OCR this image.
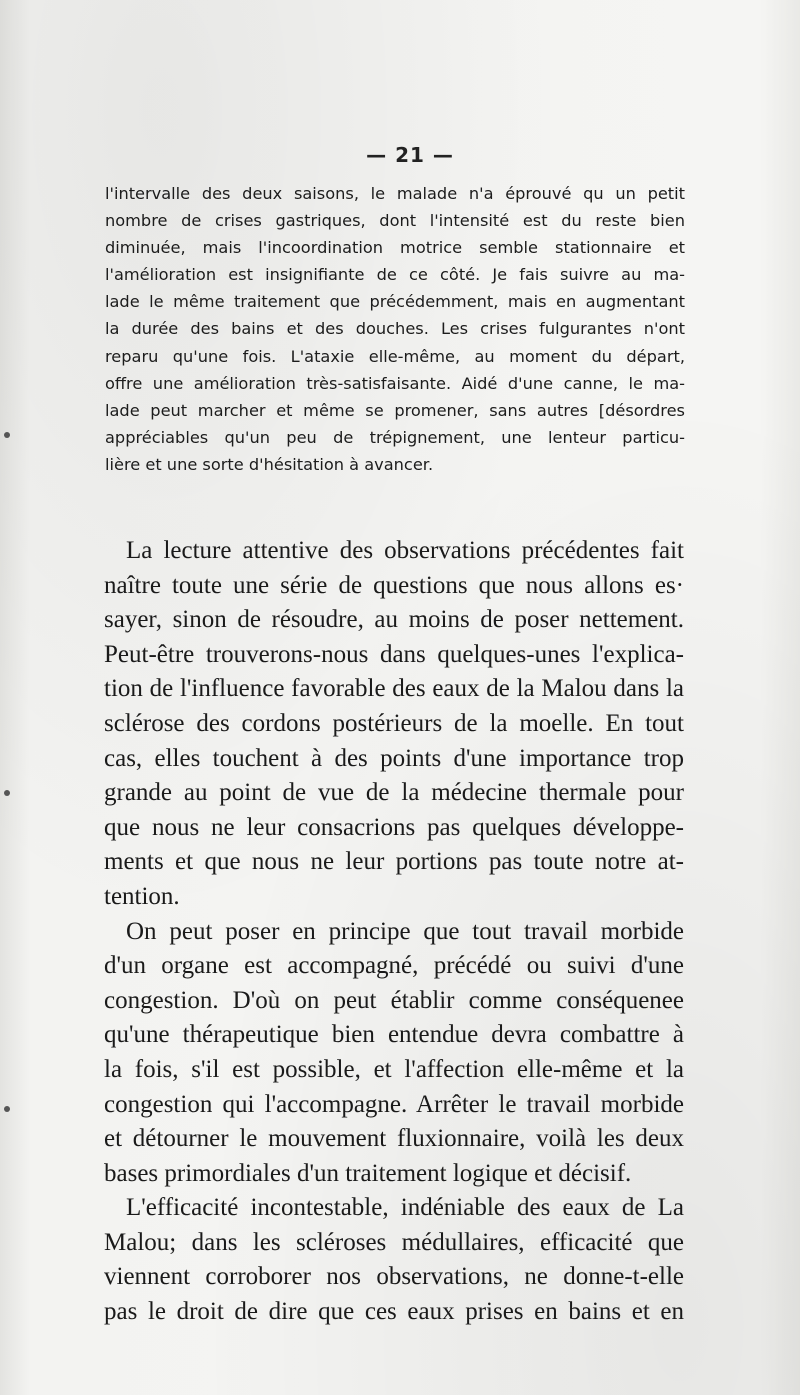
— 21 —
l'intervalle des deux saisons, le malade n'a éprouvé qu un petit
nombre de crises gastriques, dont l'intensité est du reste bien
diminuée, mais l'incoordination motrice semble stationnaire et
l'amélioration est insignifiante de ce côté. Je fais suivre au ma-
lade le même traitement que précédemment, mais en augmentant
la durée des bains et des douches. Les crises fulgurantes n'ont
reparu qu'une fois. L'ataxie elle-même, au moment du départ,
offre une amélioration très-satisfaisante. Aidé d'une canne, le ma-
lade peut marcher et même se promener, sans autres [désordres
appréciables qu'un peu de trépignement, une lenteur particu-
lière et une sorte d'hésitation à avancer.
La lecture attentive des observations précédentes fait
naître toute une série de questions que nous allons es·
sayer, sinon de résoudre, au moins de poser nettement.
Peut-être trouverons-nous dans quelques-unes l'explica-
tion de l'influence favorable des eaux de la Malou dans la
sclérose des cordons postérieurs de la moelle. En tout
cas, elles touchent à des points d'une importance trop
grande au point de vue de la médecine thermale pour
que nous ne leur consacrions pas quelques développe-
ments et que nous ne leur portions pas toute notre at-
tention.
On peut poser en principe que tout travail morbide
d'un organe est accompagné, précédé ou suivi d'une
congestion. D'où on peut établir comme conséquenee
qu'une thérapeutique bien entendue devra combattre à
la fois, s'il est possible, et l'affection elle-même et la
congestion qui l'accompagne. Arrêter le travail morbide
et détourner le mouvement fluxionnaire, voilà les deux
bases primordiales d'un traitement logique et décisif.
L'efficacité incontestable, indéniable des eaux de La
Malou; dans les scléroses médullaires, efficacité que
viennent corroborer nos observations, ne donne-t-elle
pas le droit de dire que ces eaux prises en bains et en
